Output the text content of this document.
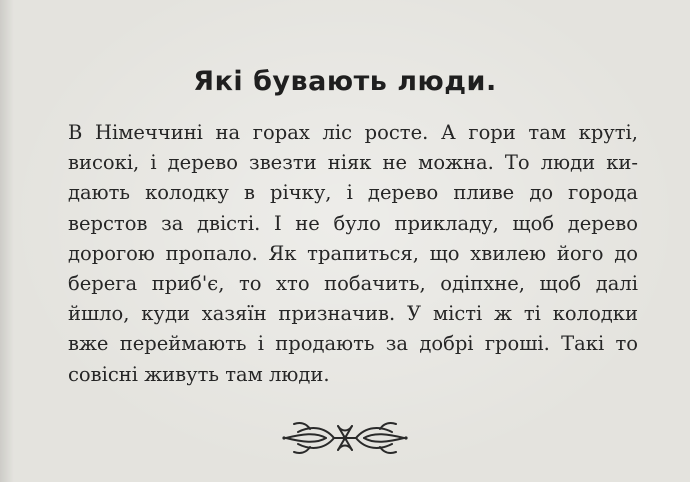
Які бувають люди.
В Німеччині на горах ліс росте. А гори там круті,
високі, і дерево звезти ніяк не можна. То люди ки-
дають колодку в річку, і дерево пливе до города
верстов за двісті. І не було прикладу, щоб дерево
дорогою пропало. Як трапиться, що хвилею його до
берега приб'є, то хто побачить, одіпхне, щоб далі
йшло, куди хазяїн призначив. У місті ж ті колодки
вже переймають і продають за добрі гроші. Такі то
совісні живуть там люди.
